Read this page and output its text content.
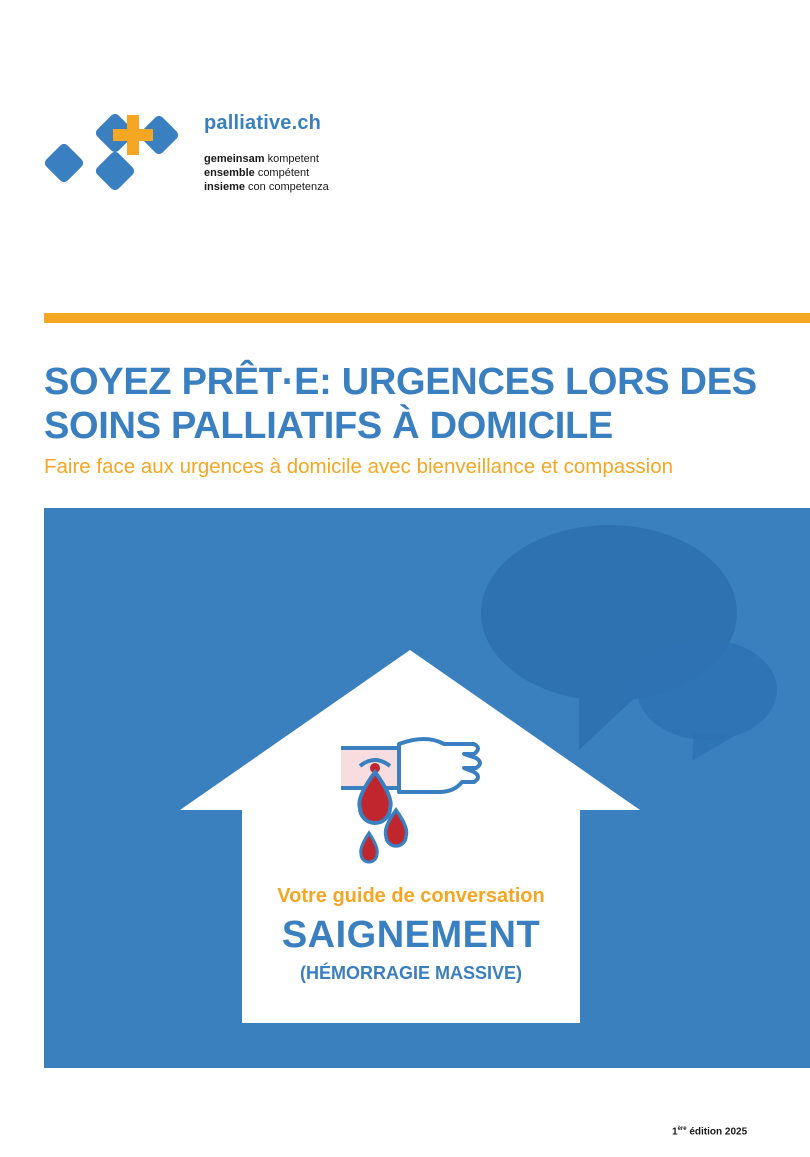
palliative.ch
gemeinsam kompetent
ensemble compétent
insieme con competenza
SOYEZ PRÊT·E: URGENCES LORS DES
SOINS PALLIATIFS À DOMICILE

Faire face aux urgences à domicile avec bienveillance et compassion

Votre guide de conversation
SAIGNEMENT
(HÉMORRAGIE MASSIVE)
1ère édition 2025
